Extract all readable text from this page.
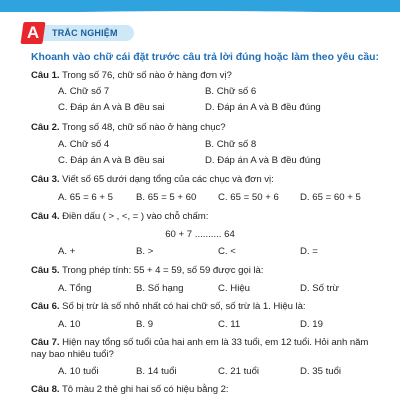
A	TRẮC NGHIỆM
Khoanh vào chữ cái đặt trước câu trả lời đúng hoặc làm theo yêu cầu:
Câu 1. Trong số 76, chữ số nào ở hàng đơn vị?
A. Chữ số 7	B. Chữ số 6
C. Đáp án A và B đều sai	D. Đáp án A và B đều đúng
Câu 2. Trong số 48, chữ số nào ở hàng chục?
A. Chữ số 4	B. Chữ số 8
C. Đáp án A và B đều sai	D. Đáp án A và B đều đúng
Câu 3. Viết số 65 dưới dạng tổng của các chục và đơn vị:
A. 65 = 6 + 5 B. 65 = 5 + 60 C. 65 = 50 + 6 D. 65 = 60 + 5
Câu 4. Điền dấu ( > , <, = ) vào chỗ chấm:
60 + 7 .......... 64
A. +	B. >	C. <	D. =
Câu 5. Trong phép tính: 55 + 4 = 59, số 59 được gọi là:
A. Tổng	B. Số hạng	C. Hiệu	D. Số trừ
Câu 6. Số bị trừ là số nhỏ nhất có hai chữ số, số trừ là 1. Hiệu là:
A. 10	B. 9	C. 11	D. 19
Câu 7. Hiện nay tổng số tuổi của hai anh em là 33 tuổi, em 12 tuổi. Hỏi anh năm
nay bao nhiêu tuổi?
A. 10 tuổi	B. 14 tuổi	C. 21 tuổi	D. 35 tuổi
Câu 8. Tô màu 2 thẻ ghi hai số có hiệu bằng 2:
